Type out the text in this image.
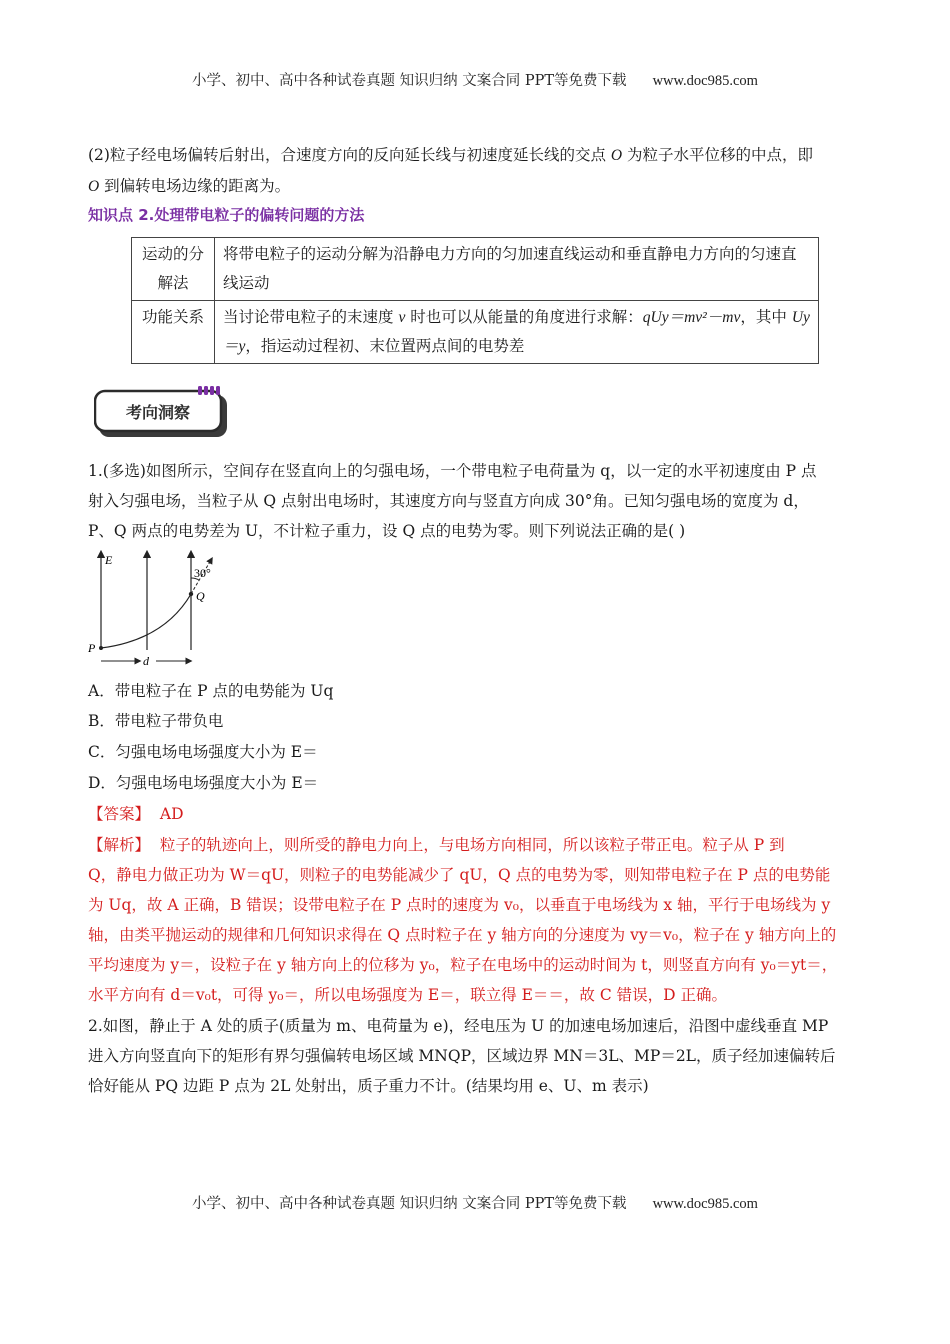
小学、初中、高中各种试卷真题 知识归纳 文案合同 PPT等免费下载 www.doc985.com

(2)粒子经电场偏转后射出，合速度方向的反向延长线与初速度延长线的交点 O 为粒子水平位移的中点，即
O 到偏转电场边缘的距离为。

知识点 2.处理带电粒子的偏转问题的方法
运动的分解法	将带电粒子的运动分解为沿静电力方向的匀加速直线运动和垂直静电力方向的匀速直线运动
功能关系	当讨论带电粒子的末速度 v 时也可以从能量的角度进行求解：qUy＝mv²－mv，其中 Uy＝y，指运动过程初、末位置两点间的电势差
考向洞察

1.(多选)如图所示，空间存在竖直向上的匀强电场，一个带电粒子电荷量为 q，以一定的水平初速度由 P 点
射入匀强电场，当粒子从 Q 点射出电场时，其速度方向与竖直方向成 30°角。已知匀强电场的宽度为 d，
P、Q 两点的电势差为 U，不计粒子重力，设 Q 点的电势为零。则下列说法正确的是( )

E
30°
Q
P
d
A．带电粒子在 P 点的电势能为 Uq
B．带电粒子带负电
C．匀强电场电场强度大小为 E＝
D．匀强电场电场强度大小为 E＝
【答案】 AD

【解析】 粒子的轨迹向上，则所受的静电力向上，与电场方向相同，所以该粒子带正电。粒子从 P 到
Q，静电力做正功为 W＝qU，则粒子的电势能减少了 qU，Q 点的电势为零，则知带电粒子在 P 点的电势能
为 Uq，故 A 正确，B 错误；设带电粒子在 P 点时的速度为 v₀，以垂直于电场线为 x 轴，平行于电场线为 y
轴，由类平抛运动的规律和几何知识求得在 Q 点时粒子在 y 轴方向的分速度为 vy＝v₀，粒子在 y 轴方向上的
平均速度为 y＝，设粒子在 y 轴方向上的位移为 y₀，粒子在电场中的运动时间为 t，则竖直方向有 y₀＝yt＝，
水平方向有 d＝v₀t，可得 y₀＝，所以电场强度为 E＝，联立得 E＝＝，故 C 错误，D 正确。

2.如图，静止于 A 处的质子(质量为 m、电荷量为 e)，经电压为 U 的加速电场加速后，沿图中虚线垂直 MP
进入方向竖直向下的矩形有界匀强偏转电场区域 MNQP，区域边界 MN＝3L、MP＝2L，质子经加速偏转后
恰好能从 PQ 边距 P 点为 2L 处射出，质子重力不计。(结果均用 e、U、m 表示)

小学、初中、高中各种试卷真题 知识归纳 文案合同 PPT等免费下载 www.doc985.com
